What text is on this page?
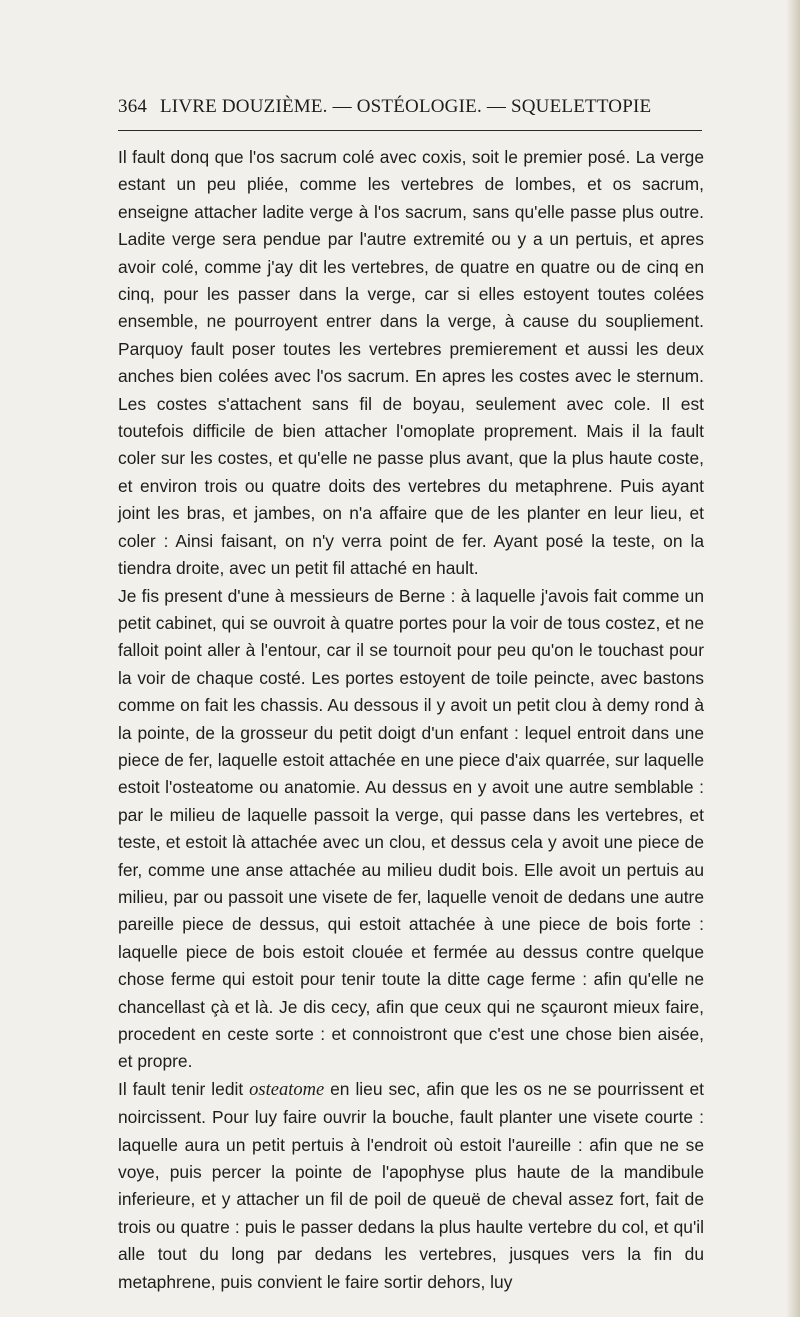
364 LIVRE DOUZIÈME. — OSTÉOLOGIE. — SQUELETTOPIE

Il fault donq que l'os sacrum colé avec coxis, soit le premier posé. La verge estant un peu pliée, comme les vertebres de lombes, et os sacrum, enseigne attacher ladite verge à l'os sacrum, sans qu'elle passe plus outre. Ladite verge sera pendue par l'autre extremité ou y a un pertuis, et apres avoir colé, comme j'ay dit les vertebres, de quatre en quatre ou de cinq en cinq, pour les passer dans la verge, car si elles estoyent toutes colées ensemble, ne pourroyent entrer dans la verge, à cause du soupliement. Parquoy fault poser toutes les vertebres premierement et aussi les deux anches bien colées avec l'os sacrum. En apres les costes avec le sternum. Les costes s'attachent sans fil de boyau, seulement avec cole. Il est toutefois difficile de bien attacher l'omoplate proprement. Mais il la fault coler sur les costes, et qu'elle ne passe plus avant, que la plus haute coste, et environ trois ou quatre doits des vertebres du metaphrene. Puis ayant joint les bras, et jambes, on n'a affaire que de les planter en leur lieu, et coler : Ainsi faisant, on n'y verra point de fer. Ayant posé la teste, on la tiendra droite, avec un petit fil attaché en hault.

Je fis present d'une à messieurs de Berne : à laquelle j'avois fait comme un petit cabinet, qui se ouvroit à quatre portes pour la voir de tous costez, et ne falloit point aller à l'entour, car il se tournoit pour peu qu'on le touchast pour la voir de chaque costé. Les portes estoyent de toile peincte, avec bastons comme on fait les chassis. Au dessous il y avoit un petit clou à demy rond à la pointe, de la grosseur du petit doigt d'un enfant : lequel entroit dans une piece de fer, laquelle estoit attachée en une piece d'aix quarrée, sur laquelle estoit l'osteatome ou anatomie. Au dessus en y avoit une autre semblable : par le milieu de laquelle passoit la verge, qui passe dans les vertebres, et teste, et estoit là attachée avec un clou, et dessus cela y avoit une piece de fer, comme une anse attachée au milieu dudit bois. Elle avoit un pertuis au milieu, par ou passoit une visete de fer, laquelle venoit de dedans une autre pareille piece de dessus, qui estoit attachée à une piece de bois forte : laquelle piece de bois estoit clouée et fermée au dessus contre quelque chose ferme qui estoit pour tenir toute la ditte cage ferme : afin qu'elle ne chancellast çà et là. Je dis cecy, afin que ceux qui ne sçauront mieux faire, procedent en ceste sorte : et connoistront que c'est une chose bien aisée, et propre.

Il fault tenir ledit osteatome en lieu sec, afin que les os ne se pourrissent et noircissent. Pour luy faire ouvrir la bouche, fault planter une visete courte : laquelle aura un petit pertuis à l'endroit où estoit l'aureille : afin que ne se voye, puis percer la pointe de l'apophyse plus haute de la mandibule inferieure, et y attacher un fil de poil de queuë de cheval assez fort, fait de trois ou quatre : puis le passer dedans la plus haulte vertebre du col, et qu'il alle tout du long par dedans les vertebres, jusques vers la fin du metaphrene, puis convient le faire sortir dehors, luy
